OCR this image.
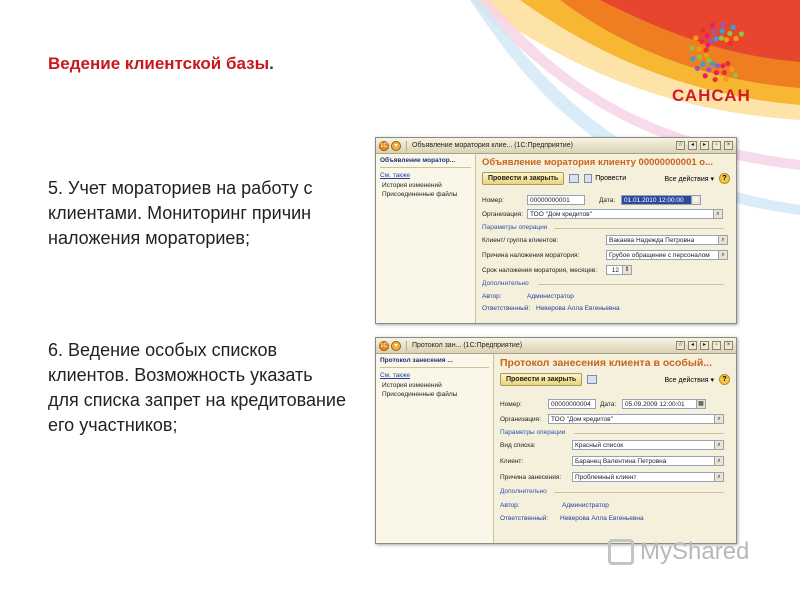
Ведение клиентской базы.
САНСАН
5. Учет мораториев на работу с клиентами. Мониторинг причин наложения мораториев;
6. Ведение особых списков клиентов. Возможность указать для списка запрет на кредитование его участников;
1С	▾	Объявление моратория клие... (1С:Предприятие)	☆	◂	▸	▫	×
Объявление моратор...
См. также
История изменений
Присоединенные файлы
Объявление моратория клиенту 00000000001 о...
Провести и закрыть	Провести	Все действия ▾	?
Номер:	00000000001	Дата:	01.01.2010 12:00:00	▦
Организация:	ТОО "Дом кредитов"	⌕
Параметры операции
Клиент/ группа клиентов:	Вакаева Надежда Петровна	⌕
Причина наложения моратория:	Грубое обращение с персоналом	⌕
Срок наложения моратория, месяцев:	12 ⇕
Дополнительно
Автор:	Администратор
Ответственный: Неверова Алла Евгеньевна
1С	▾	Протокол зан... (1С:Предприятие)	☆	◂	▸	▫	×
Протокол занесения ...
См. также
История изменений
Присоединенные файлы
Протокол занесения клиента в особый...
Провести и закрыть	Все действия ▾	?
Номер:	00000000004	Дата:	05.09.2009 12:00:01	▦
Организация:	ТОО "Дом кредитов"	⌕
Параметры операции
Вид списка:	Красный список	⌕
Клиент:	Баранец Валентина Петровна	⌕
Причина занесения:	Проблемный клиент	⌕
Дополнительно
Автор:	Администратор
Ответственный:	Неверова Алла Евгеньевна
MyShared
